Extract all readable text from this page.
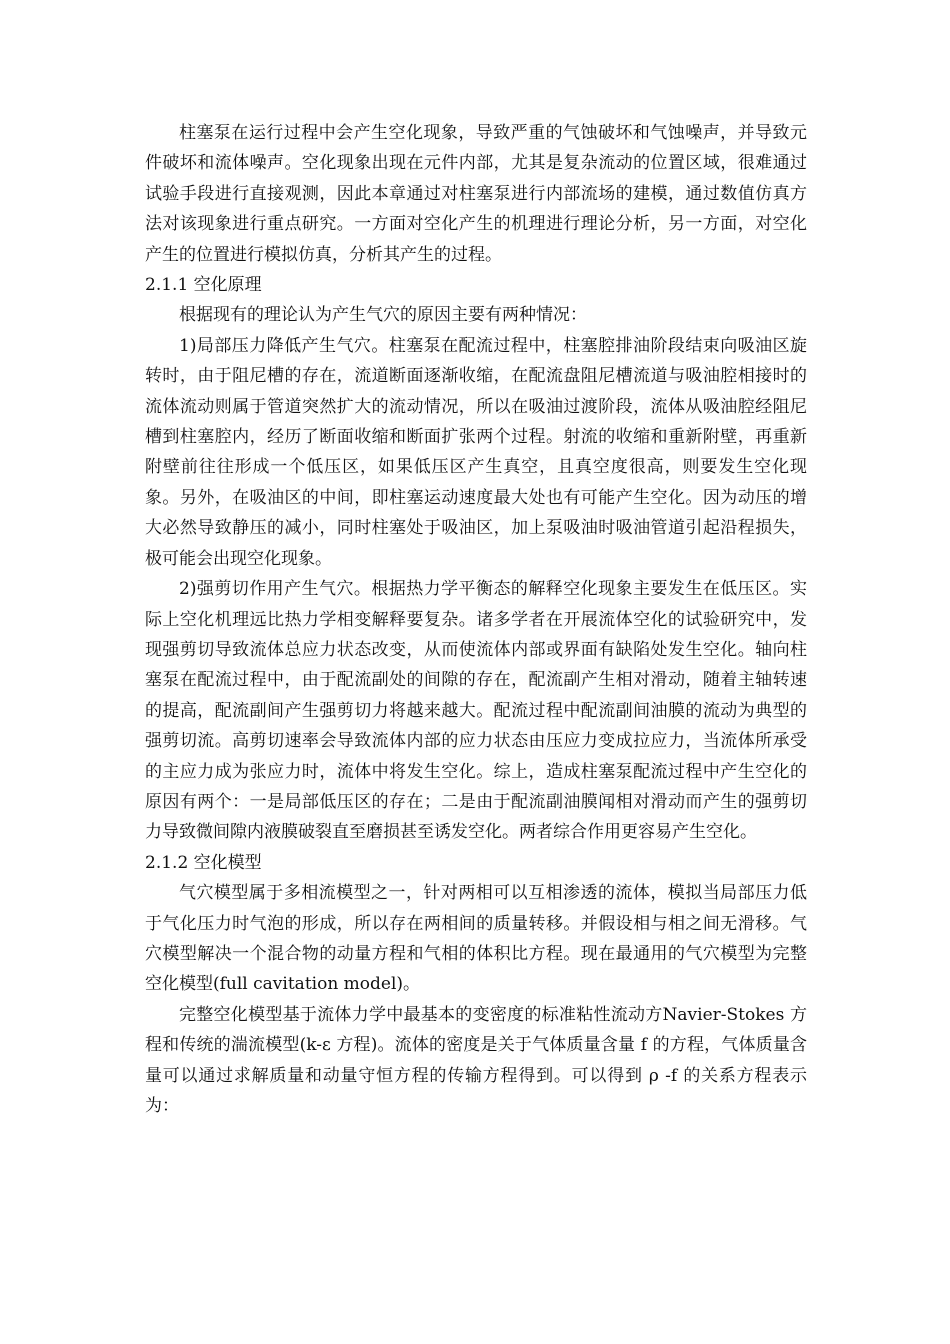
柱塞泵在运行过程中会产生空化现象，导致严重的气蚀破坏和气蚀噪声，并导致元件破坏和流体噪声。空化现象出现在元件内部，尤其是复杂流动的位置区域，很难通过试验手段进行直接观测，因此本章通过对柱塞泵进行内部流场的建模，通过数值仿真方法对该现象进行重点研究。一方面对空化产生的机理进行理论分析，另一方面，对空化产生的位置进行模拟仿真，分析其产生的过程。

2.1.1 空化原理

根据现有的理论认为产生气穴的原因主要有两种情况：

1)局部压力降低产生气穴。柱塞泵在配流过程中，柱塞腔排油阶段结束向吸油区旋转时，由于阻尼槽的存在，流道断面逐渐收缩，在配流盘阻尼槽流道与吸油腔相接时的流体流动则属于管道突然扩大的流动情况，所以在吸油过渡阶段，流体从吸油腔经阻尼槽到柱塞腔内，经历了断面收缩和断面扩张两个过程。射流的收缩和重新附壁，再重新附壁前往往形成一个低压区，如果低压区产生真空，且真空度很高，则要发生空化现象。另外，在吸油区的中间，即柱塞运动速度最大处也有可能产生空化。因为动压的增大必然导致静压的减小，同时柱塞处于吸油区，加上泵吸油时吸油管道引起沿程损失，极可能会出现空化现象。

2)强剪切作用产生气穴。根据热力学平衡态的解释空化现象主要发生在低压区。实际上空化机理远比热力学相变解释要复杂。诸多学者在开展流体空化的试验研究中，发现强剪切导致流体总应力状态改变，从而使流体内部或界面有缺陷处发生空化。轴向柱塞泵在配流过程中，由于配流副处的间隙的存在，配流副产生相对滑动，随着主轴转速的提高，配流副间产生强剪切力将越来越大。配流过程中配流副间油膜的流动为典型的强剪切流。高剪切速率会导致流体内部的应力状态由压应力变成拉应力，当流体所承受的主应力成为张应力时，流体中将发生空化。综上，造成柱塞泵配流过程中产生空化的原因有两个：一是局部低压区的存在；二是由于配流副油膜闻相对滑动而产生的强剪切力导致微间隙内液膜破裂直至磨损甚至诱发空化。两者综合作用更容易产生空化。

2.1.2 空化模型

气穴模型属于多相流模型之一，针对两相可以互相渗透的流体，模拟当局部压力低于气化压力时气泡的形成，所以存在两相间的质量转移。并假设相与相之间无滑移。气穴模型解决一个混合物的动量方程和气相的体积比方程。现在最通用的气穴模型为完整空化模型(full cavitation model)。

完整空化模型基于流体力学中最基本的变密度的标准粘性流动方Navier-Stokes 方程和传统的湍流模型(k-ε 方程)。流体的密度是关于气体质量含量 f 的方程，气体质量含量可以通过求解质量和动量守恒方程的传输方程得到。可以得到 ρ -f 的关系方程表示为：
